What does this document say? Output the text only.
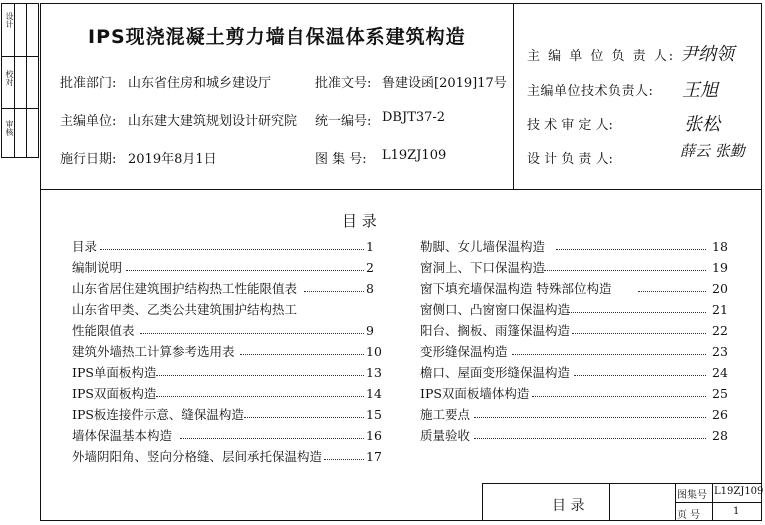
设计
校对
审核
IPS现浇混凝土剪力墙自保温体系建筑构造
批准部门: 山东省住房和城乡建设厅	批准文号: 鲁建设函[2019]17号
主编单位: 山东建大建筑规划设计研究院 统一编号: DBJT37-2
施行日期: 2019年8月1日	图 集 号: L19ZJ109
主 编 单 位 负 责 人: 尹纳领
主编单位技术负责人: 王旭
技 术 审 定 人:	张松
设 计 负 责 人:	薛云 张勤
目 录
目录	1
编制说明	2
山东省居住建筑围护结构热工性能限值表	8
山东省甲类、乙类公共建筑围护结构热工
性能限值表	9
建筑外墙热工计算参考选用表	10
IPS单面板构造	13
IPS双面板构造	14
IPS板连接件示意、缝保温构造	15
墙体保温基本构造	16
外墙阴阳角、竖向分格缝、层间承托保温构造	17
勒脚、女儿墙保温构造	18
窗洞上、下口保温构造	19
窗下填充墙保温构造 特殊部位构造	20
窗侧口、凸窗窗口保温构造	21
阳台、搁板、雨篷保温构造	22
变形缝保温构造	23
檐口、屋面变形缝保温构造	24
IPS双面板墙体构造	25
施工要点	26
质量验收	28
目 录
图集号 L19ZJ109
页 号	1
